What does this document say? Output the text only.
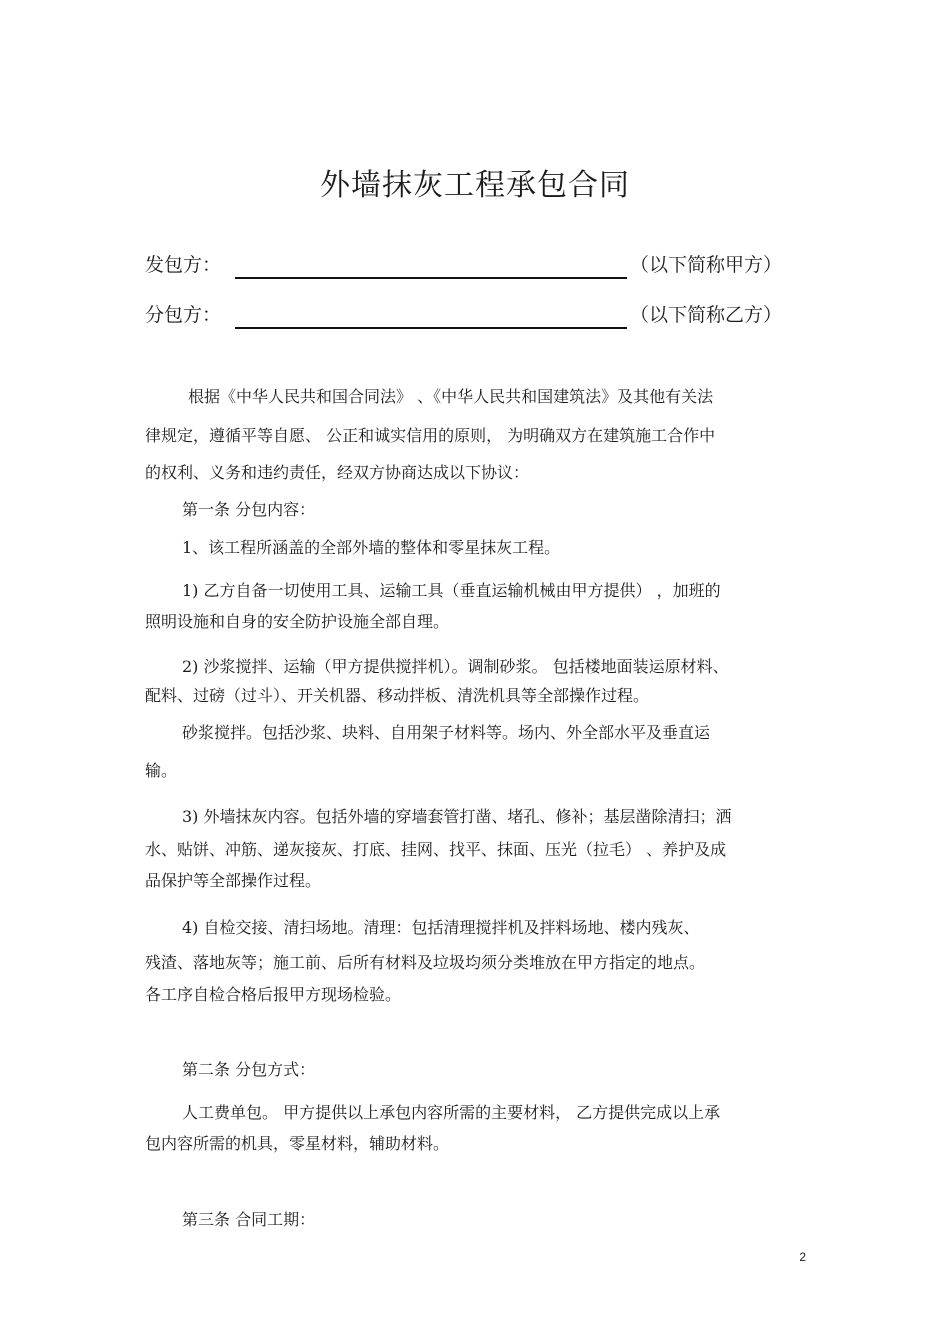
外墙抹灰工程承包合同
发包方：	（以下简称甲方）
分包方：	（以下简称乙方）
根据《中华人民共和国合同法》 、《中华人民共和国建筑法》及其他有关法
律规定，遵循平等自愿、 公正和诚实信用的原则， 为明确双方在建筑施工合作中
的权利、义务和违约责任，经双方协商达成以下协议：
第一条 分包内容：
1、该工程所涵盖的全部外墙的整体和零星抹灰工程。
1) 乙方自备一切使用工具、运输工具（垂直运输机械由甲方提供） ，加班的
照明设施和自身的安全防护设施全部自理。
2) 沙浆搅拌、运输（甲方提供搅拌机）。调制砂浆。 包括楼地面装运原材料、
配料、过磅（过斗）、开关机器、移动拌板、清洗机具等全部操作过程。
砂浆搅拌。包括沙浆、块料、自用架子材料等。场内、外全部水平及垂直运
输。
3) 外墙抹灰内容。包括外墙的穿墙套管打凿、堵孔、修补；基层凿除清扫；洒
水、贴饼、冲筋、递灰接灰、打底、挂网、找平、抹面、压光（拉毛） 、养护及成
品保护等全部操作过程。
4) 自检交接、清扫场地。清理：包括清理搅拌机及拌料场地、楼内残灰、
残渣、落地灰等；施工前、后所有材料及垃圾均须分类堆放在甲方指定的地点。
各工序自检合格后报甲方现场检验。
第二条 分包方式：
人工费单包。 甲方提供以上承包内容所需的主要材料， 乙方提供完成以上承
包内容所需的机具，零星材料，辅助材料。
第三条 合同工期：
2
